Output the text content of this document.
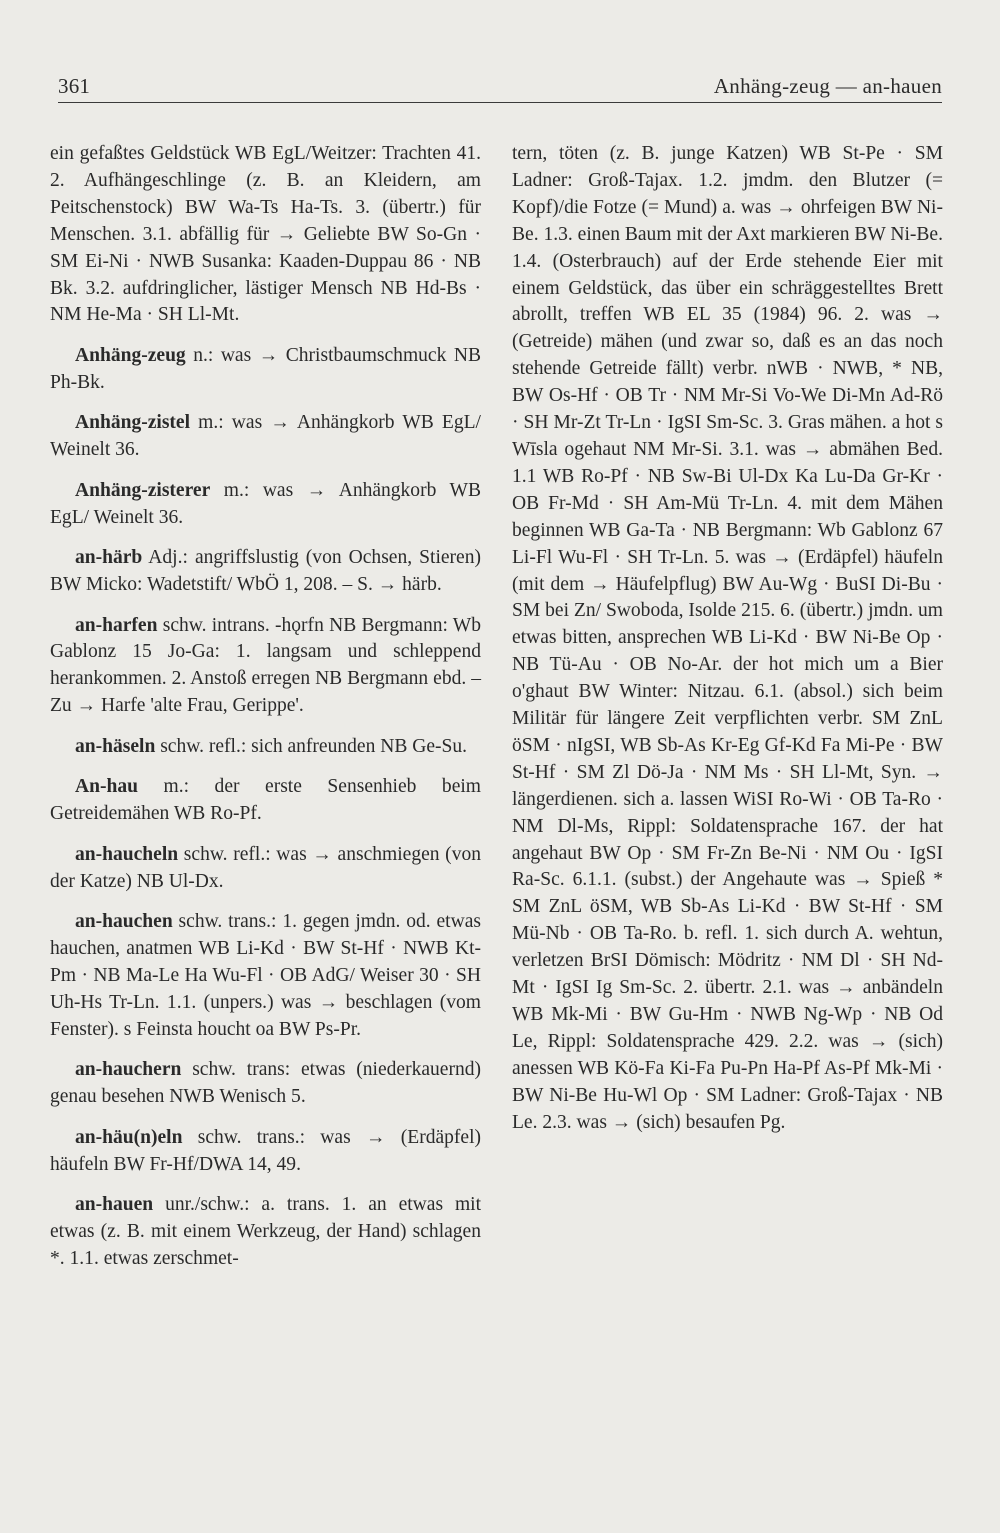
361	Anhäng-zeug — an-hauen
ein gefaßtes Geldstück WB EgL/Weitzer: Trachten 41. 2. Aufhängeschlinge (z. B. an Kleidern, am Peitschenstock) BW Wa-Ts Ha-Ts. 3. (übertr.) für Menschen. 3.1. abfällig für → Geliebte BW So-Gn · SM Ei-Ni · NWB Susanka: Kaaden-Duppau 86 · NB Bk. 3.2. aufdringlicher, lästiger Mensch NB Hd-Bs · NM He-Ma · SH Ll-Mt.
Anhäng-zeug n.: was → Christbaumschmuck NB Ph-Bk.
Anhäng-zistel m.: was → Anhängkorb WB EgL/ Weinelt 36.
Anhäng-zisterer m.: was → Anhängkorb WB EgL/ Weinelt 36.
an-härb Adj.: angriffslustig (von Ochsen, Stieren) BW Micko: Wadetstift/ WbÖ 1, 208. – S. → härb.
an-harfen schw. intrans. -hǫrfn NB Bergmann: Wb Gablonz 15 Jo-Ga: 1. langsam und schleppend herankommen. 2. Anstoß erregen NB Bergmann ebd. – Zu → Harfe 'alte Frau, Gerippe'.
an-häseln schw. refl.: sich anfreunden NB Ge-Su.
An-hau m.: der erste Sensenhieb beim Getreidemähen WB Ro-Pf.
an-haucheln schw. refl.: was → anschmiegen (von der Katze) NB Ul-Dx.
an-hauchen schw. trans.: 1. gegen jmdn. od. etwas hauchen, anatmen WB Li-Kd · BW St-Hf · NWB Kt-Pm · NB Ma-Le Ha Wu-Fl · OB AdG/ Weiser 30 · SH Uh-Hs Tr-Ln. 1.1. (unpers.) was → beschlagen (vom Fenster). s Feinsta houcht oa BW Ps-Pr.
an-hauchern schw. trans: etwas (niederkauernd) genau besehen NWB Wenisch 5.
an-häu(n)eln schw. trans.: was → (Erdäpfel) häufeln BW Fr-Hf/DWA 14, 49.
an-hauen unr./schw.: a. trans. 1. an etwas mit etwas (z. B. mit einem Werkzeug, der Hand) schlagen *. 1.1. etwas zerschmet-
tern, töten (z. B. junge Katzen) WB St-Pe · SM Ladner: Groß-Tajax. 1.2. jmdm. den Blutzer (= Kopf)/die Fotze (= Mund) a. was → ohrfeigen BW Ni-Be. 1.3. einen Baum mit der Axt markieren BW Ni-Be. 1.4. (Osterbrauch) auf der Erde stehende Eier mit einem Geldstück, das über ein schräggestelltes Brett abrollt, treffen WB EL 35 (1984) 96. 2. was → (Getreide) mähen (und zwar so, daß es an das noch stehende Getreide fällt) verbr. nWB · NWB, * NB, BW Os-Hf · OB Tr · NM Mr-Si Vo-We Di-Mn Ad-Rö · SH Mr-Zt Tr-Ln · IgSI Sm-Sc. 3. Gras mähen. a hot s Wīsla ogehaut NM Mr-Si. 3.1. was → abmähen Bed. 1.1 WB Ro-Pf · NB Sw-Bi Ul-Dx Ka Lu-Da Gr-Kr · OB Fr-Md · SH Am-Mü Tr-Ln. 4. mit dem Mähen beginnen WB Ga-Ta · NB Bergmann: Wb Gablonz 67 Li-Fl Wu-Fl · SH Tr-Ln. 5. was → (Erdäpfel) häufeln (mit dem → Häufelpflug) BW Au-Wg · BuSI Di-Bu · SM bei Zn/ Swoboda, Isolde 215. 6. (übertr.) jmdn. um etwas bitten, ansprechen WB Li-Kd · BW Ni-Be Op · NB Tü-Au · OB No-Ar. der hot mich um a Bier o'ghaut BW Winter: Nitzau. 6.1. (absol.) sich beim Militär für längere Zeit verpflichten verbr. SM ZnL öSM · nIgSI, WB Sb-As Kr-Eg Gf-Kd Fa Mi-Pe · BW St-Hf · SM Zl Dö-Ja · NM Ms · SH Ll-Mt, Syn. → längerdienen. sich a. lassen WiSI Ro-Wi · OB Ta-Ro · NM Dl-Ms, Rippl: Soldatensprache 167. der hat angehaut BW Op · SM Fr-Zn Be-Ni · NM Ou · IgSI Ra-Sc. 6.1.1. (subst.) der Angehaute was → Spieß * SM ZnL öSM, WB Sb-As Li-Kd · BW St-Hf · SM Mü-Nb · OB Ta-Ro. b. refl. 1. sich durch A. wehtun, verletzen BrSI Dömisch: Mödritz · NM Dl · SH Nd-Mt · IgSI Ig Sm-Sc. 2. übertr. 2.1. was → anbändeln WB Mk-Mi · BW Gu-Hm · NWB Ng-Wp · NB Od Le, Rippl: Soldatensprache 429. 2.2. was → (sich) anessen WB Kö-Fa Ki-Fa Pu-Pn Ha-Pf As-Pf Mk-Mi · BW Ni-Be Hu-Wl Op · SM Ladner: Groß-Tajax · NB Le. 2.3. was → (sich) besaufen Pg.
